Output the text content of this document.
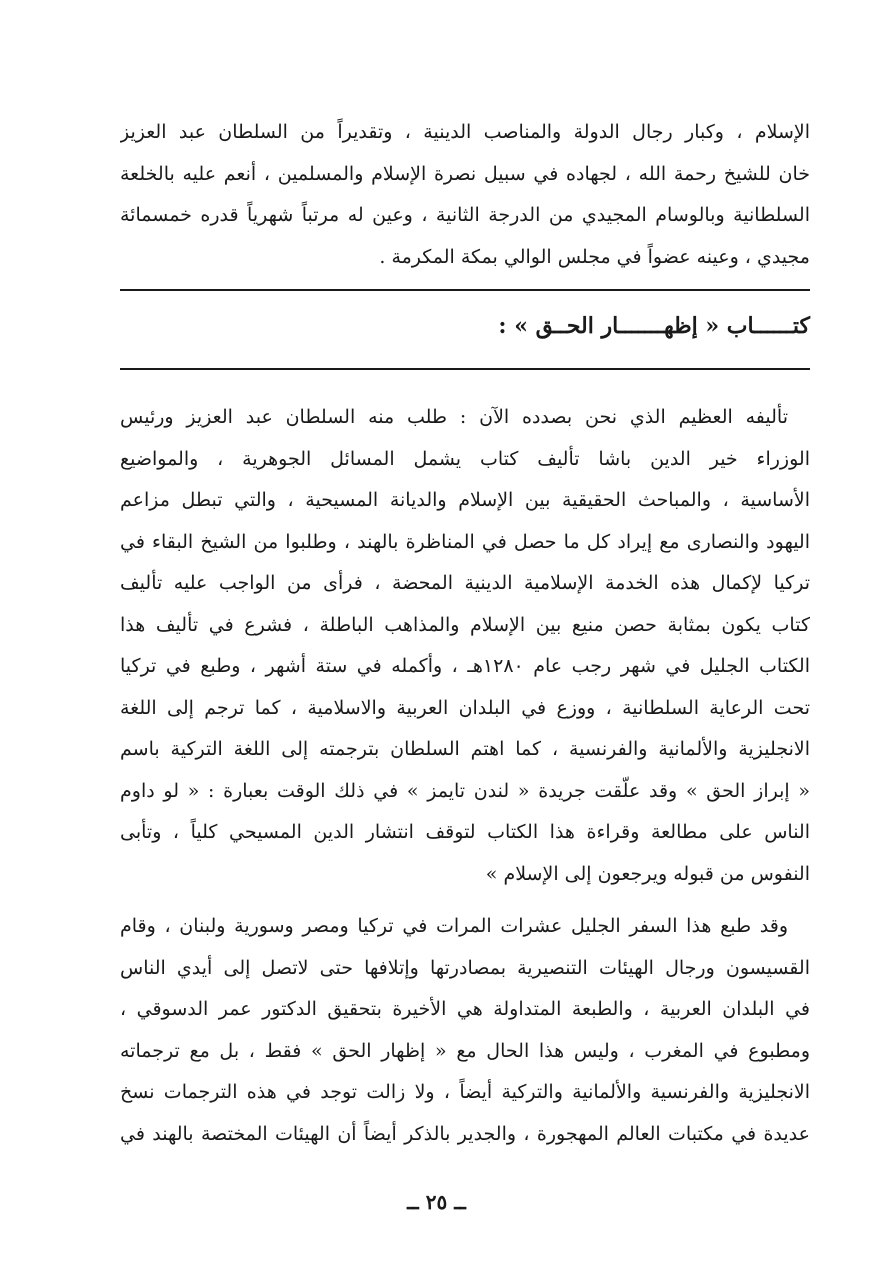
الإسلام ، وكبار رجال الدولة والمناصب الدينية ، وتقديراً من السلطان عبد العزيز
خان للشيخ رحمة الله ، لجهاده في سبيل نصرة الإسلام والمسلمين ، أنعم عليه بالخلعة
السلطانية وبالوسام المجيدي من الدرجة الثانية ، وعين له مرتباً شهرياً قدره خمسمائة
مجيدي ، وعينه عضواً في مجلس الوالي بمكة المكرمة .
كتــــــاب « إظهـــــــار الحــق » :
تأليفه العظيم الذي نحن بصدده الآن : طلب منه السلطان عبد العزيز ورئيس
الوزراء خير الدين باشا تأليف كتاب يشمل المسائل الجوهرية ، والمواضيع
الأساسية ، والمباحث الحقيقية بين الإسلام والديانة المسيحية ، والتي تبطل مزاعم
اليهود والنصارى مع إيراد كل ما حصل في المناظرة بالهند ، وطلبوا من الشيخ البقاء في
تركيا لإكمال هذه الخدمة الإسلامية الدينية المحضة ، فرأى من الواجب عليه تأليف
كتاب يكون بمثابة حصن منيع بين الإسلام والمذاهب الباطلة ، فشرع في تأليف هذا
الكتاب الجليل في شهر رجب عام ١٢٨٠هـ ، وأكمله في ستة أشهر ، وطبع في تركيا
تحت الرعاية السلطانية ، ووزع في البلدان العربية والاسلامية ، كما ترجم إلى اللغة
الانجليزية والألمانية والفرنسية ، كما اهتم السلطان بترجمته إلى اللغة التركية باسم
« إبراز الحق » وقد علّقت جريدة « لندن تايمز » في ذلك الوقت بعبارة : « لو داوم
الناس على مطالعة وقراءة هذا الكتاب لتوقف انتشار الدين المسيحي كلياً ، وتأبى
النفوس من قبوله ويرجعون إلى الإسلام »
وقد طبع هذا السفر الجليل عشرات المرات في تركيا ومصر وسورية ولبنان ، وقام
القسيسون ورجال الهيئات التنصيرية بمصادرتها وإتلافها حتى لاتصل إلى أيدي الناس
في البلدان العربية ، والطبعة المتداولة هي الأخيرة بتحقيق الدكتور عمر الدسوقي ،
ومطبوع في المغرب ، وليس هذا الحال مع « إظهار الحق » فقط ، بل مع ترجماته
الانجليزية والفرنسية والألمانية والتركية أيضاً ، ولا زالت توجد في هذه الترجمات نسخ
عديدة في مكتبات العالم المهجورة ، والجدير بالذكر أيضاً أن الهيئات المختصة بالهند في
ــ ٢٥ ــ
